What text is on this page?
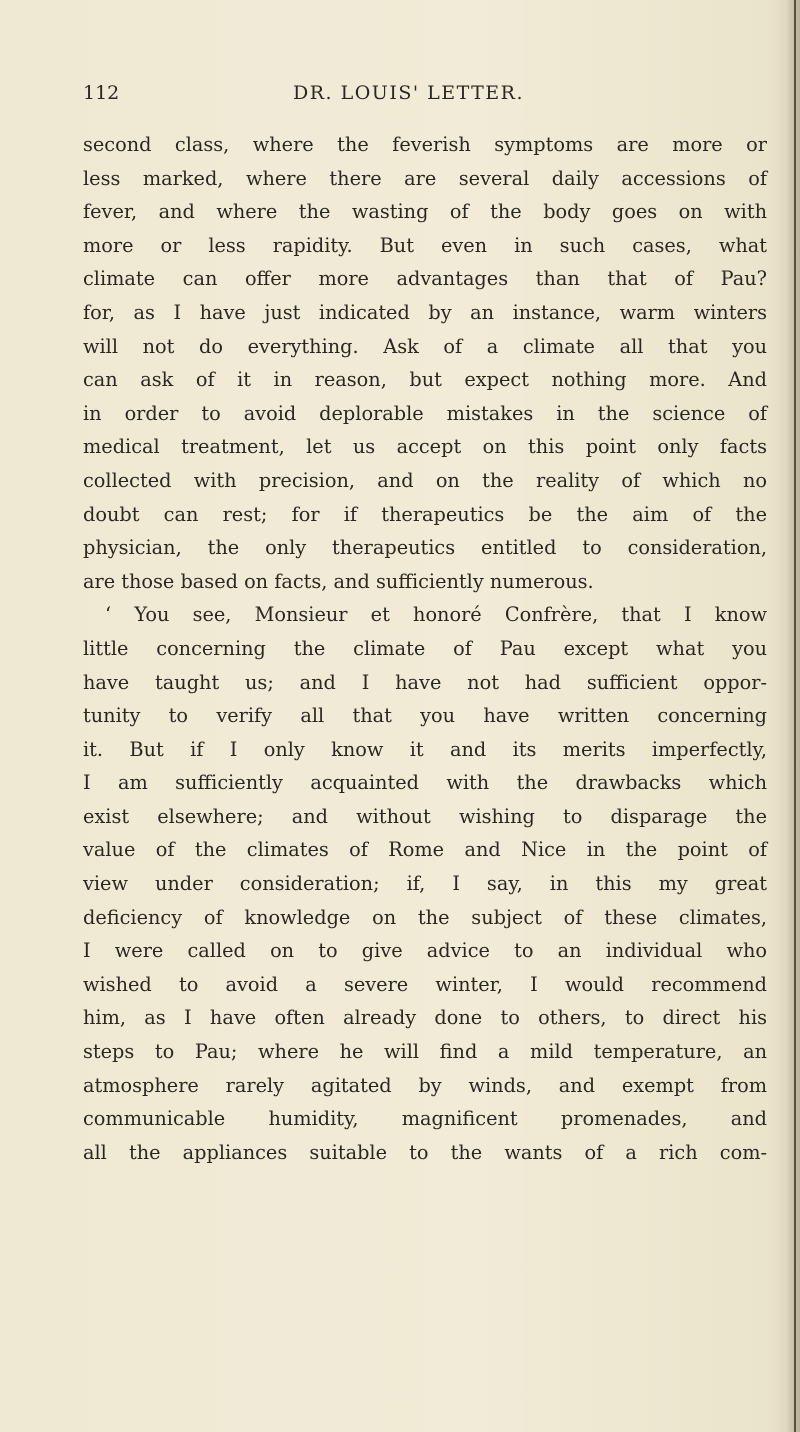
112	DR. LOUIS' LETTER.
second class, where the feverish symptoms are more or
less marked, where there are several daily accessions of
fever, and where the wasting of the body goes on with
more or less rapidity. But even in such cases, what
climate can offer more advantages than that of Pau?
for, as I have just indicated by an instance, warm winters
will not do everything. Ask of a climate all that you
can ask of it in reason, but expect nothing more. And
in order to avoid deplorable mistakes in the science of
medical treatment, let us accept on this point only facts
collected with precision, and on the reality of which no
doubt can rest; for if therapeutics be the aim of the
physician, the only therapeutics entitled to consideration,
are those based on facts, and sufficiently numerous.
‘ You see, Monsieur et honoré Confrère, that I know
little concerning the climate of Pau except what you
have taught us; and I have not had sufficient oppor-
tunity to verify all that you have written concerning
it. But if I only know it and its merits imperfectly,
I am sufficiently acquainted with the drawbacks which
exist elsewhere; and without wishing to disparage the
value of the climates of Rome and Nice in the point of
view under consideration; if, I say, in this my great
deficiency of knowledge on the subject of these climates,
I were called on to give advice to an individual who
wished to avoid a severe winter, I would recommend
him, as I have often already done to others, to direct his
steps to Pau; where he will find a mild temperature, an
atmosphere rarely agitated by winds, and exempt from
communicable humidity, magnificent promenades, and
all the appliances suitable to the wants of a rich com-
